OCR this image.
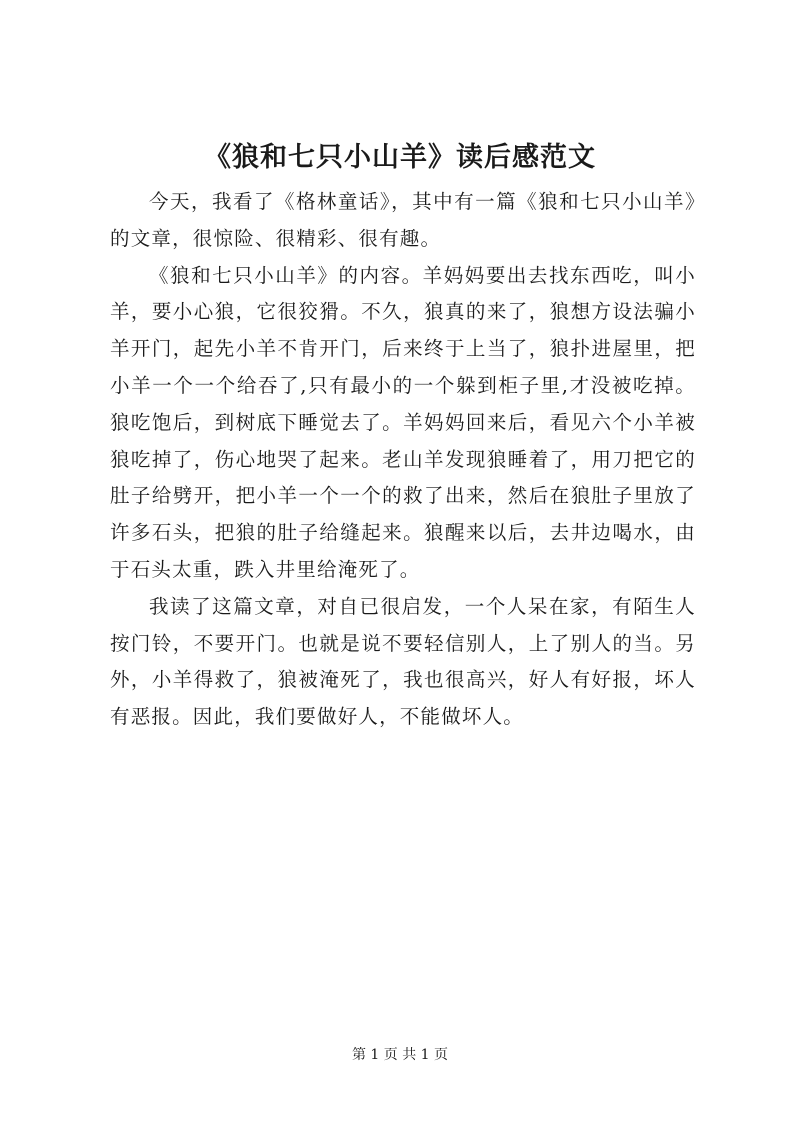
《狼和七只小山羊》读后感范文

今天，我看了《格林童话》，其中有一篇《狼和七只小山羊》的文章，很惊险、很精彩、很有趣。

《狼和七只小山羊》的内容。羊妈妈要出去找东西吃，叫小羊，要小心狼，它很狡猾。不久，狼真的来了，狼想方设法骗小羊开门，起先小羊不肯开门，后来终于上当了，狼扑进屋里，把小羊一个一个给吞了,只有最小的一个躲到柜子里,才没被吃掉。狼吃饱后，到树底下睡觉去了。羊妈妈回来后，看见六个小羊被狼吃掉了，伤心地哭了起来。老山羊发现狼睡着了，用刀把它的肚子给劈开，把小羊一个一个的救了出来，然后在狼肚子里放了许多石头，把狼的肚子给缝起来。狼醒来以后，去井边喝水，由于石头太重，跌入井里给淹死了。

我读了这篇文章，对自已很启发，一个人呆在家，有陌生人按门铃，不要开门。也就是说不要轻信别人，上了别人的当。另外，小羊得救了，狼被淹死了，我也很高兴，好人有好报，坏人有恶报。因此，我们要做好人，不能做坏人。

第 1 页 共 1 页
